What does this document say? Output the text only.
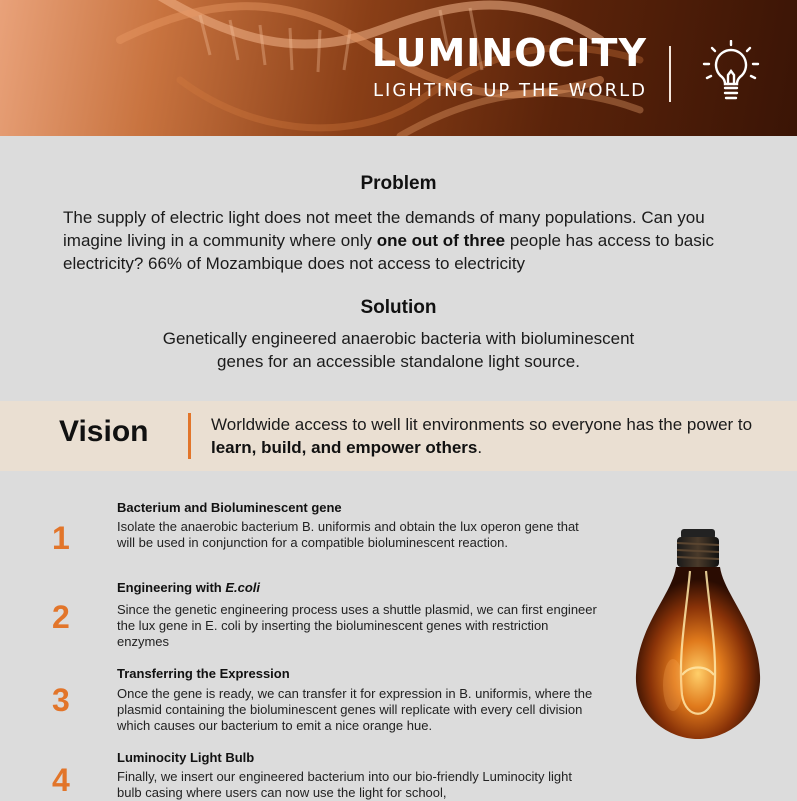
LUMINOCITY
LIGHTING UP THE WORLD
Problem
The supply of electric light does not meet the demands of many populations. Can you imagine living in a community where only one out of three people has access to basic electricity? 66% of Mozambique does not access to electricity
Solution
Genetically engineered anaerobic bacteria with bioluminescent
genes for an accessible standalone light source.
Vision	Worldwide access to well lit environments so everyone has the power to learn, build, and empower others.
1
Bacterium and Bioluminescent gene
Isolate the anaerobic bacterium B. uniformis and obtain the lux operon gene that will be used in conjunction for a compatible bioluminescent reaction.
2
Engineering with E.coli
Since the genetic engineering process uses a shuttle plasmid, we can first engineer the lux gene in E. coli by inserting the bioluminescent genes with restriction enzymes
3
Transferring the Expression
Once the gene is ready, we can transfer it for expression in B. uniformis, where the plasmid containing the bioluminescent genes will replicate with every cell division which causes our bacterium to emit a nice orange hue.
4
Luminocity Light Bulb
Finally, we insert our engineered bacterium into our bio-friendly Luminocity light bulb casing where users can now use the light for school,
